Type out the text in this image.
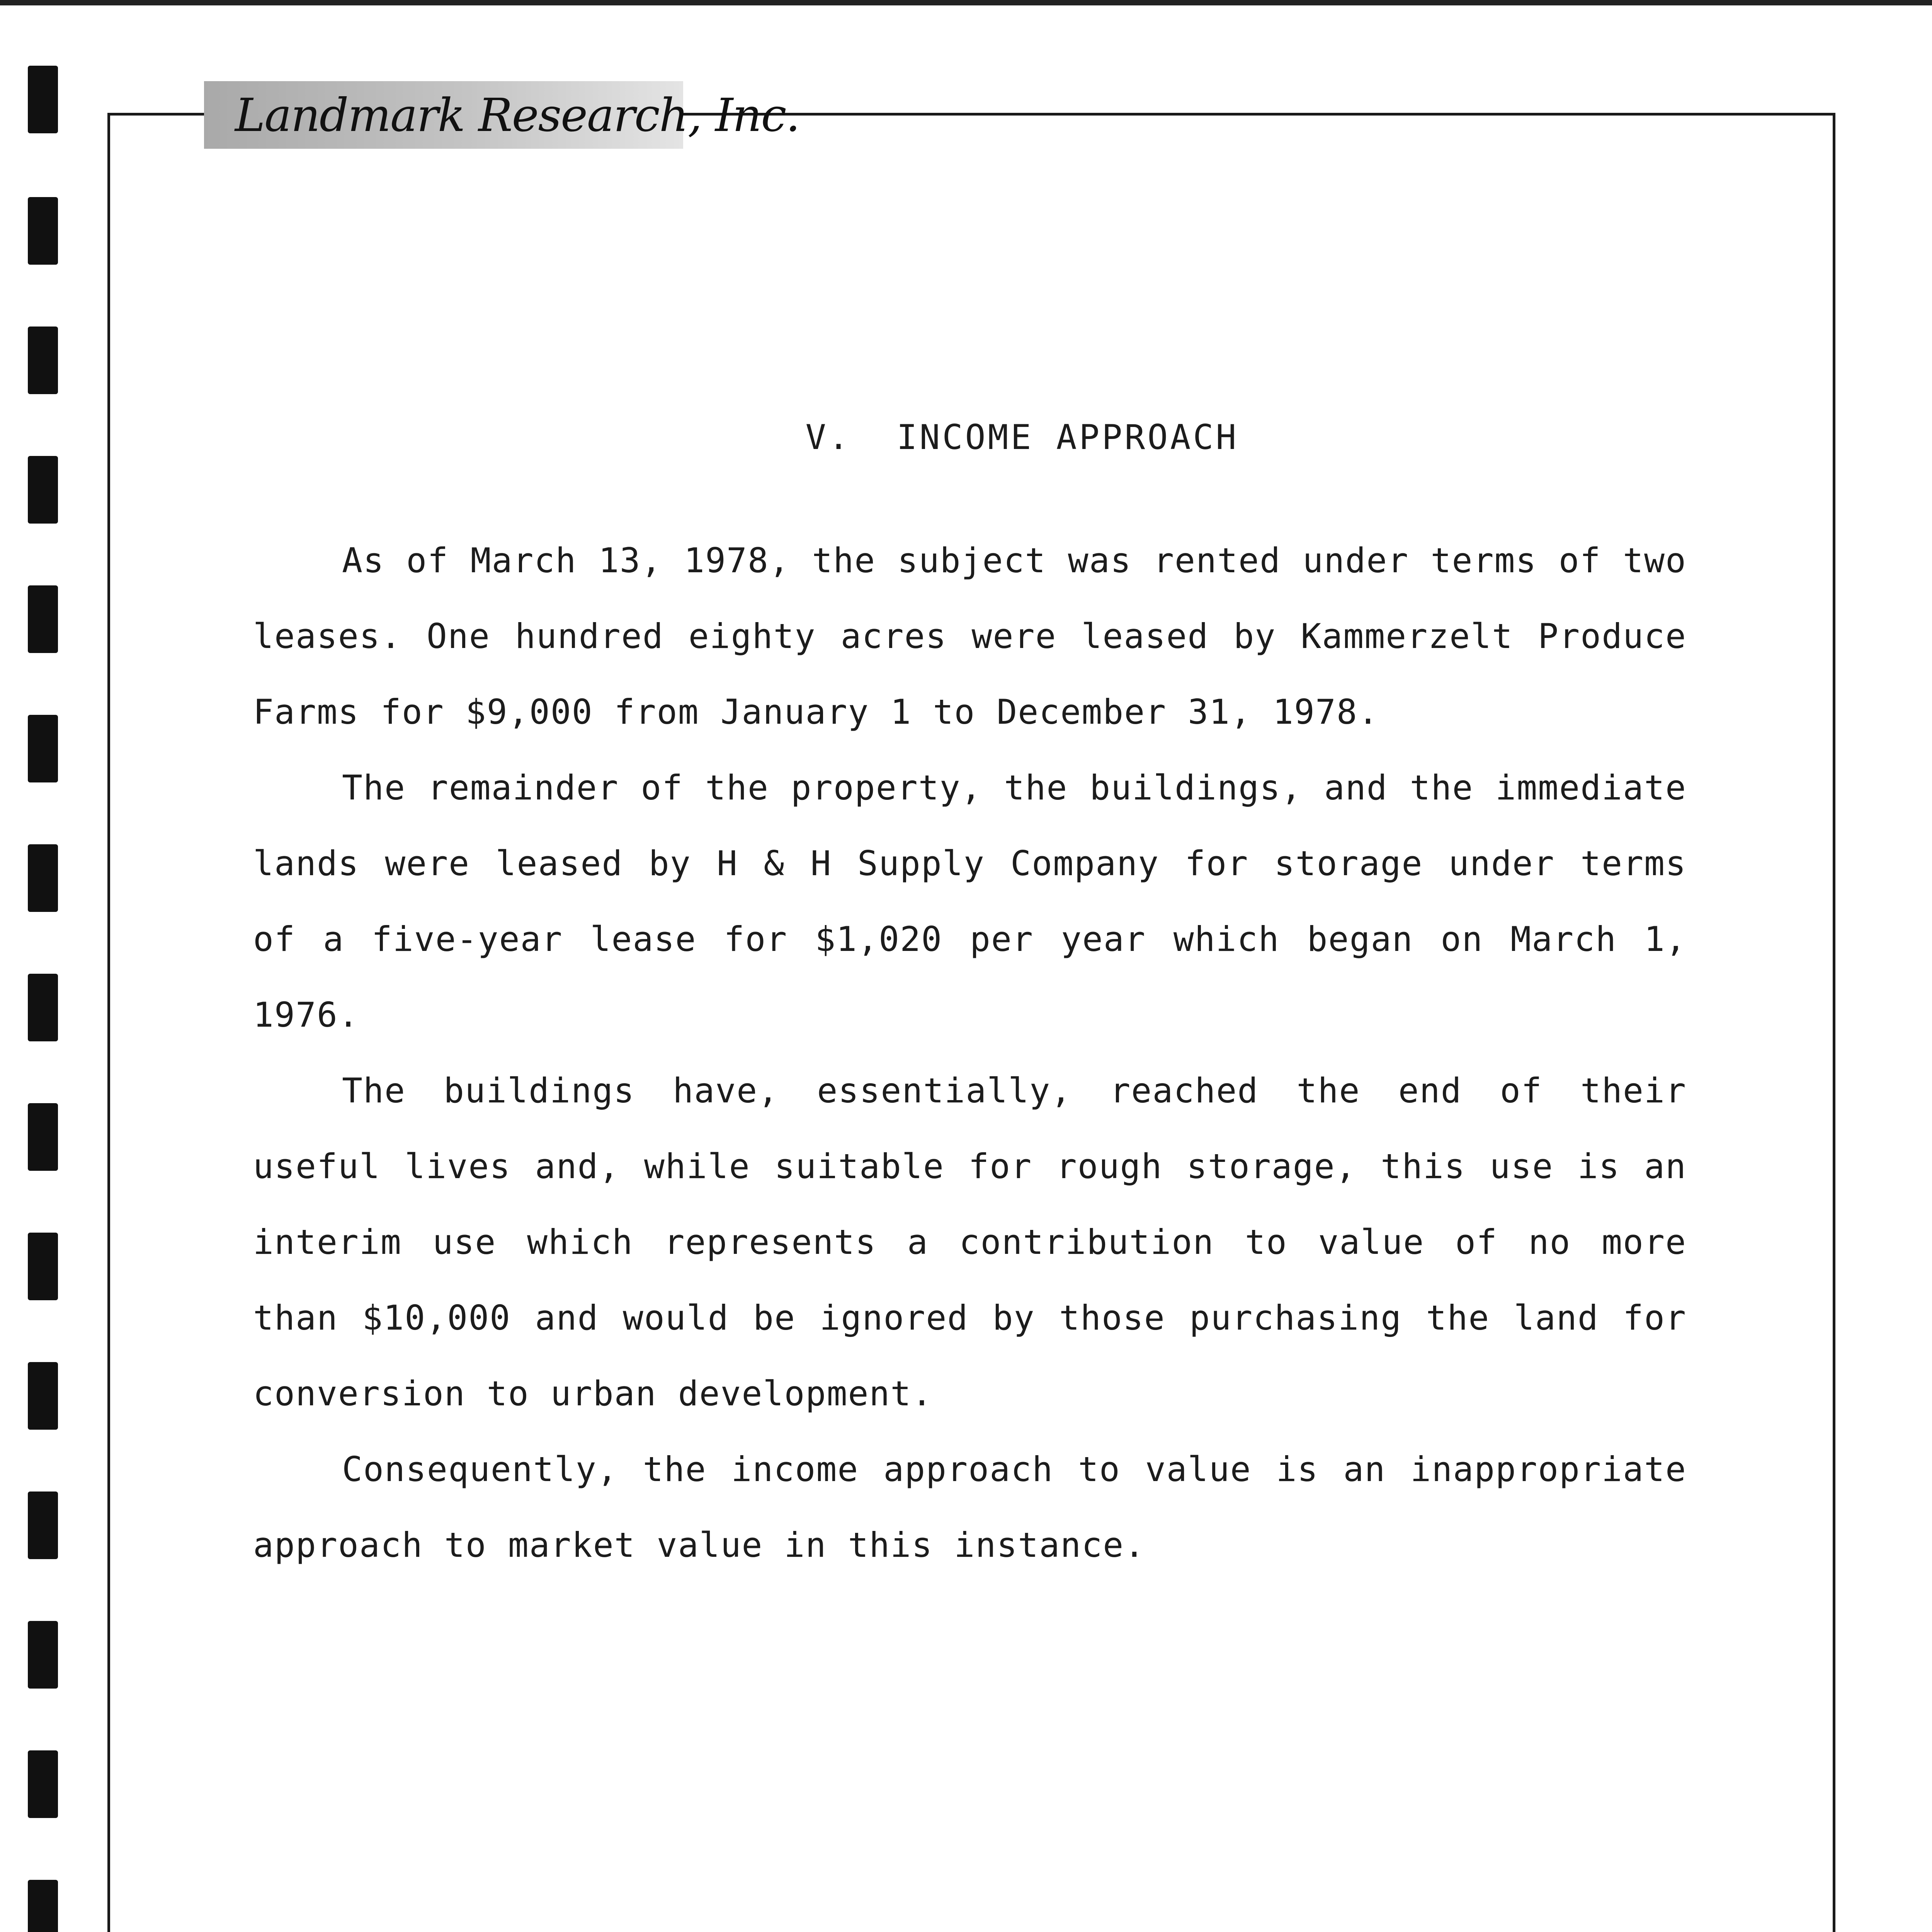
Landmark Research, Inc.
V.  INCOME APPROACH

As of March 13, 1978, the subject was rented under terms of two leases. One hundred eighty acres were leased by Kammerzelt Produce Farms for $9,000 from January 1 to December 31, 1978.

The remainder of the property, the buildings, and the immediate lands were leased by H & H Supply Company for storage under terms of a five-year lease for $1,020 per year which began on March 1, 1976.

The buildings have, essentially, reached the end of their useful lives and, while suitable for rough storage, this use is an interim use which represents a contribution to value of no more than $10,000 and would be ignored by those purchasing the land for conversion to urban development.

Consequently, the income approach to value is an inappropriate approach to market value in this instance.
